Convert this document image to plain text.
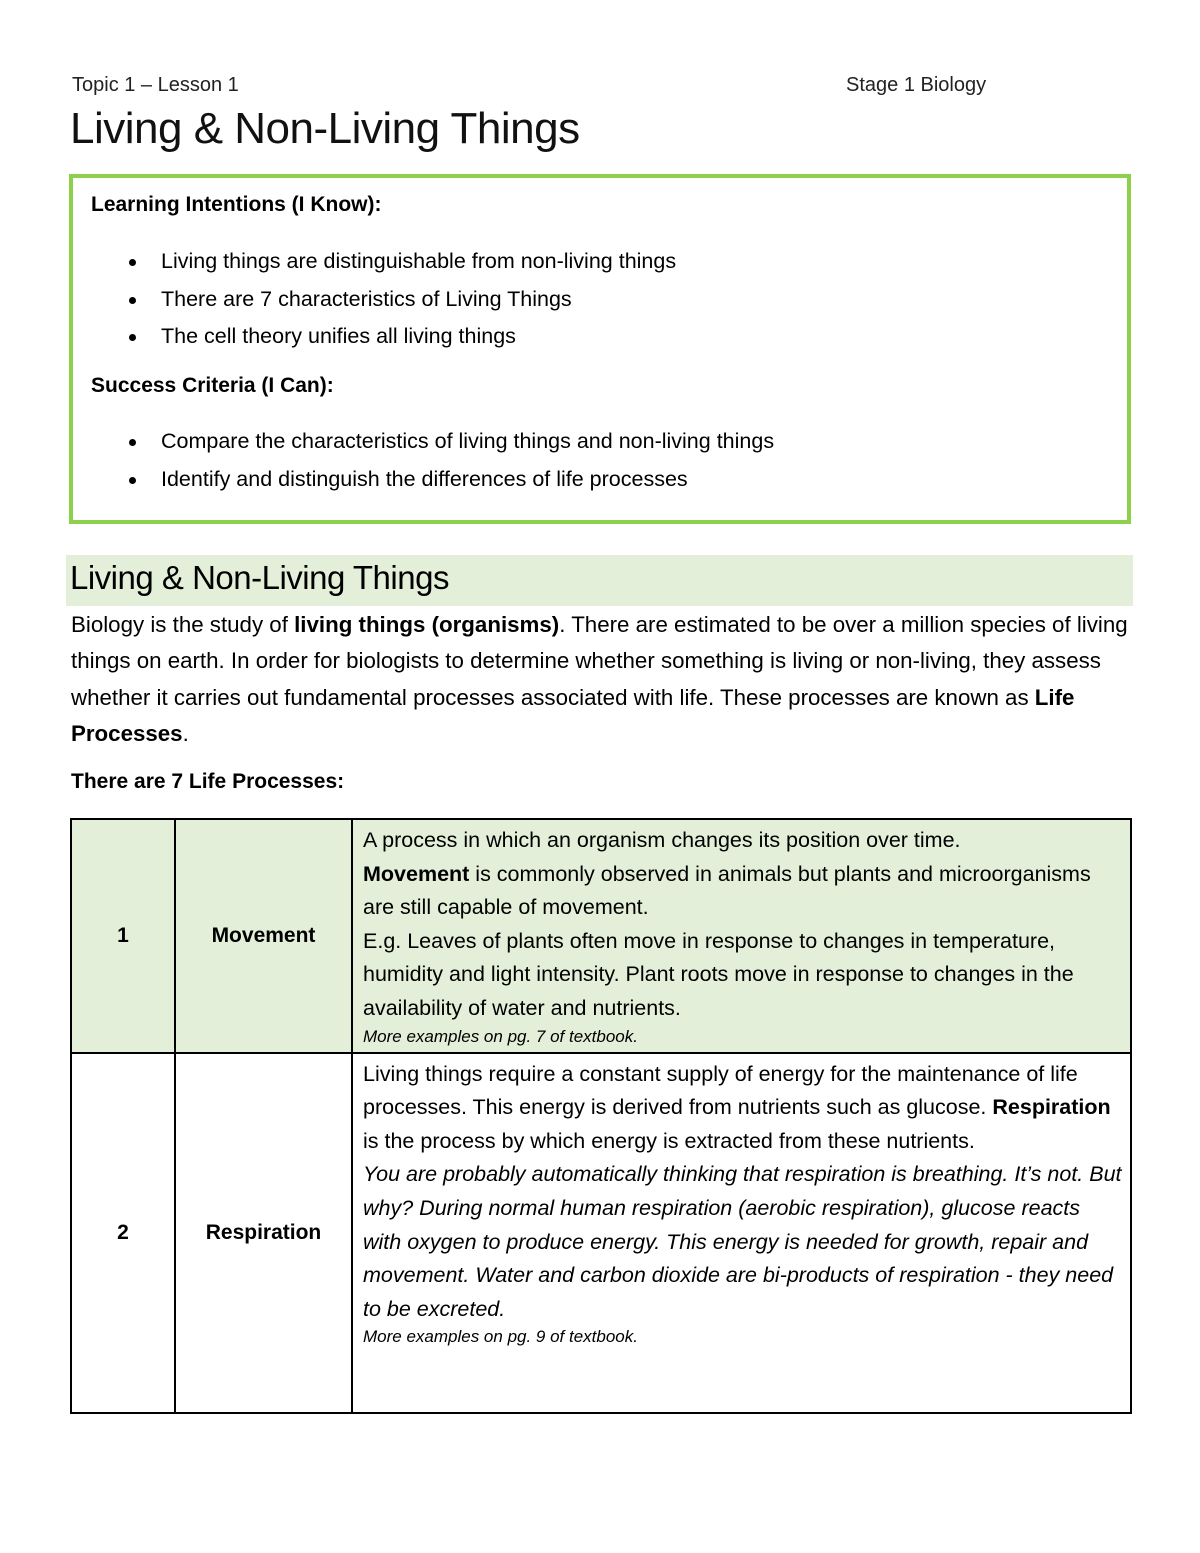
Topic 1 – Lesson 1	Stage 1 Biology
Living & Non-Living Things
Learning Intentions (I Know):
Living things are distinguishable from non-living things
There are 7 characteristics of Living Things
The cell theory unifies all living things
Success Criteria (I Can):
Compare the characteristics of living things and non-living things
Identify and distinguish the differences of life processes
Living & Non-Living Things

Biology is the study of living things (organisms). There are estimated to be over a million species of living things on earth. In order for biologists to determine whether something is living or non-living, they assess whether it carries out fundamental processes associated with life. These processes are known as Life Processes.

There are 7 Life Processes:
1	Movement	A process in which an organism changes its position over time.
Movement is commonly observed in animals but plants and microorganisms are still capable of movement.
E.g. Leaves of plants often move in response to changes in temperature, humidity and light intensity. Plant roots move in response to changes in the availability of water and nutrients.
More examples on pg. 7 of textbook.

2	Respiration	Living things require a constant supply of energy for the maintenance of life processes. This energy is derived from nutrients such as glucose. Respiration is the process by which energy is extracted from these nutrients.
You are probably automatically thinking that respiration is breathing. It’s not. But why? During normal human respiration (aerobic respiration), glucose reacts with oxygen to produce energy. This energy is needed for growth, repair and movement. Water and carbon dioxide are bi-products of respiration - they need to be excreted.
More examples on pg. 9 of textbook.
